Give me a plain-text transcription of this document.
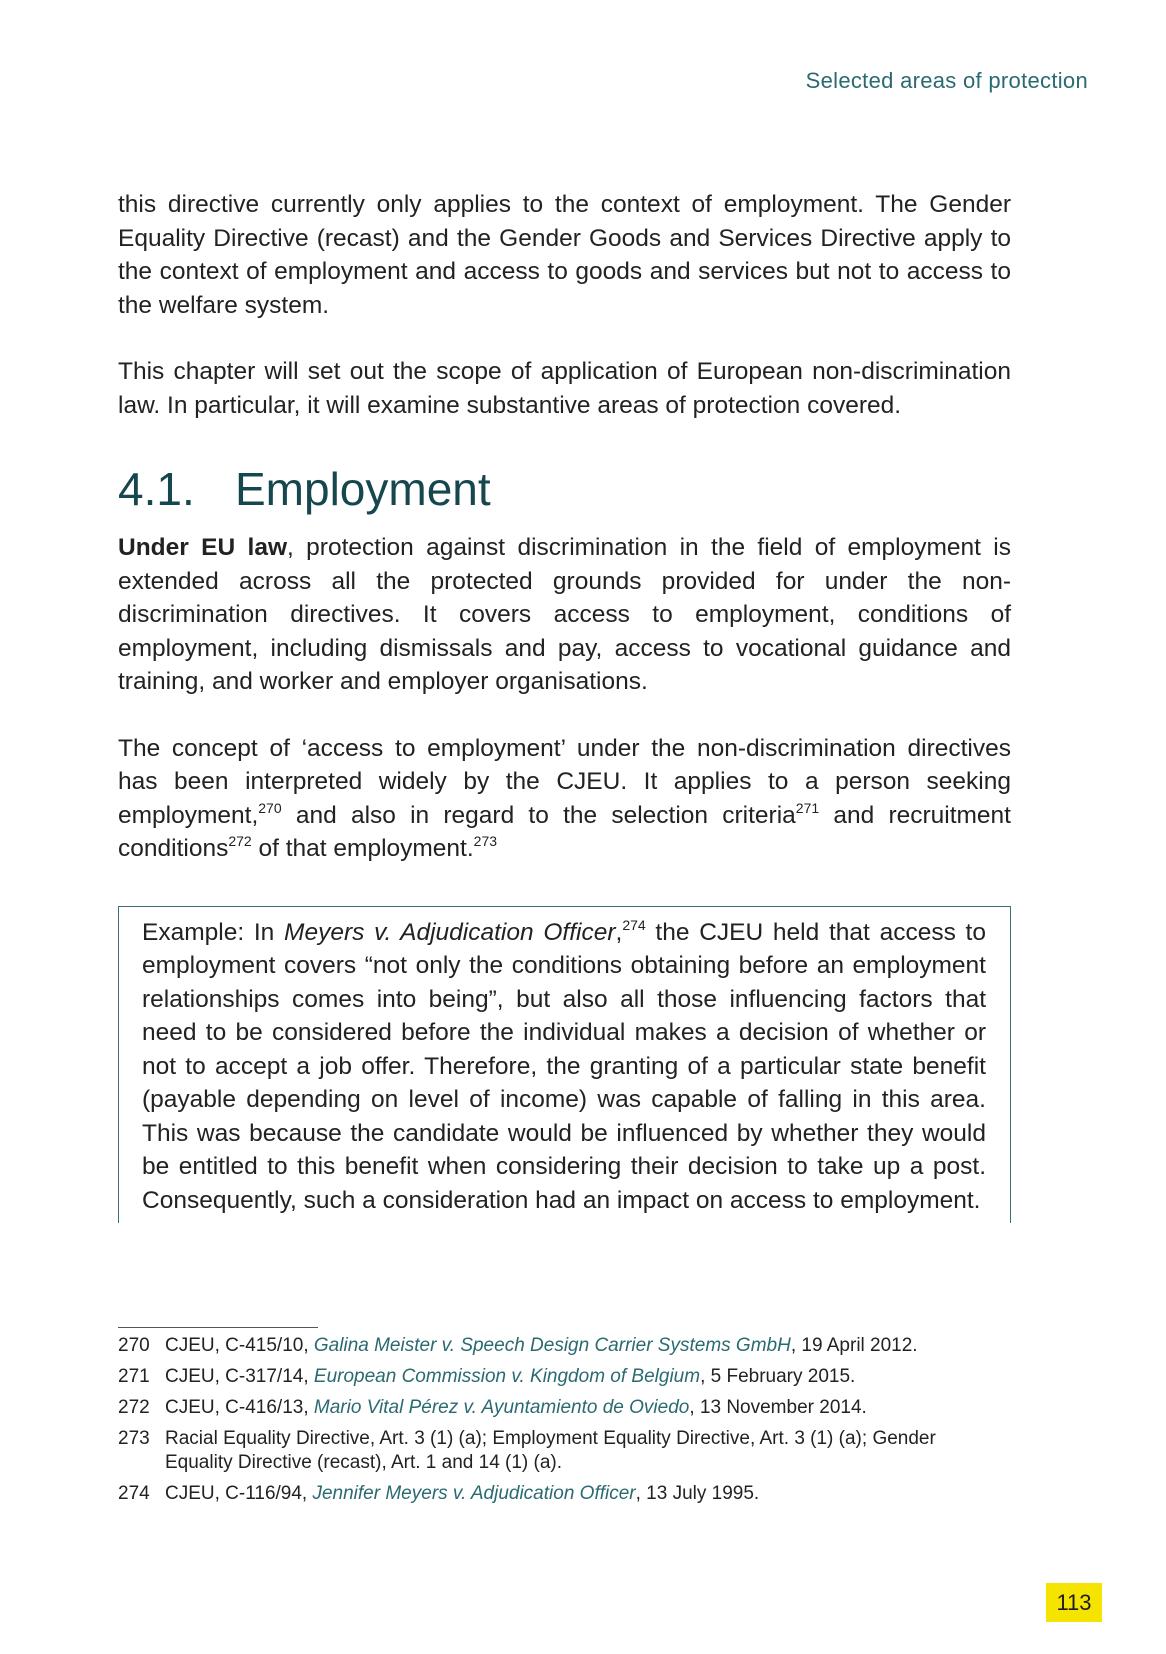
Selected areas of protection

this directive currently only applies to the context of employment. The Gender Equality Directive (recast) and the Gender Goods and Services Directive apply to the context of employment and access to goods and services but not to access to the welfare system.

This chapter will set out the scope of application of European non-discrimination law. In particular, it will examine substantive areas of protection covered.

4.1. Employment

Under EU law, protection against discrimination in the field of employment is extended across all the protected grounds provided for under the non-discrimination directives. It covers access to employment, conditions of employment, including dismissals and pay, access to vocational guidance and training, and worker and employer organisations.

The concept of ‘access to employment’ under the non-discrimination directives has been interpreted widely by the CJEU. It applies to a person seeking employment,$^{270}$ and also in regard to the selection criteria$^{271}$ and recruitment conditions$^{272}$ of that employment.$^{273}$

Example: In Meyers v. Adjudication Officer,$^{274}$ the CJEU held that access to employment covers “not only the conditions obtaining before an employment relationships comes into being”, but also all those influencing factors that need to be considered before the individual makes a decision of whether or not to accept a job offer. Therefore, the granting of a particular state benefit (payable depending on level of income) was capable of falling in this area. This was because the candidate would be influenced by whether they would be entitled to this benefit when considering their decision to take up a post. Consequently, such a consideration had an impact on access to employment.

270 CJEU, C-415/10, Galina Meister v. Speech Design Carrier Systems GmbH, 19 April 2012.
271 CJEU, C-317/14, European Commission v. Kingdom of Belgium, 5 February 2015.
272 CJEU, C-416/13, Mario Vital Pérez v. Ayuntamiento de Oviedo, 13 November 2014.
273 Racial Equality Directive, Art. 3 (1) (a); Employment Equality Directive, Art. 3 (1) (a); Gender Equality Directive (recast), Art. 1 and 14 (1) (a).
274 CJEU, C-116/94, Jennifer Meyers v. Adjudication Officer, 13 July 1995.
113
